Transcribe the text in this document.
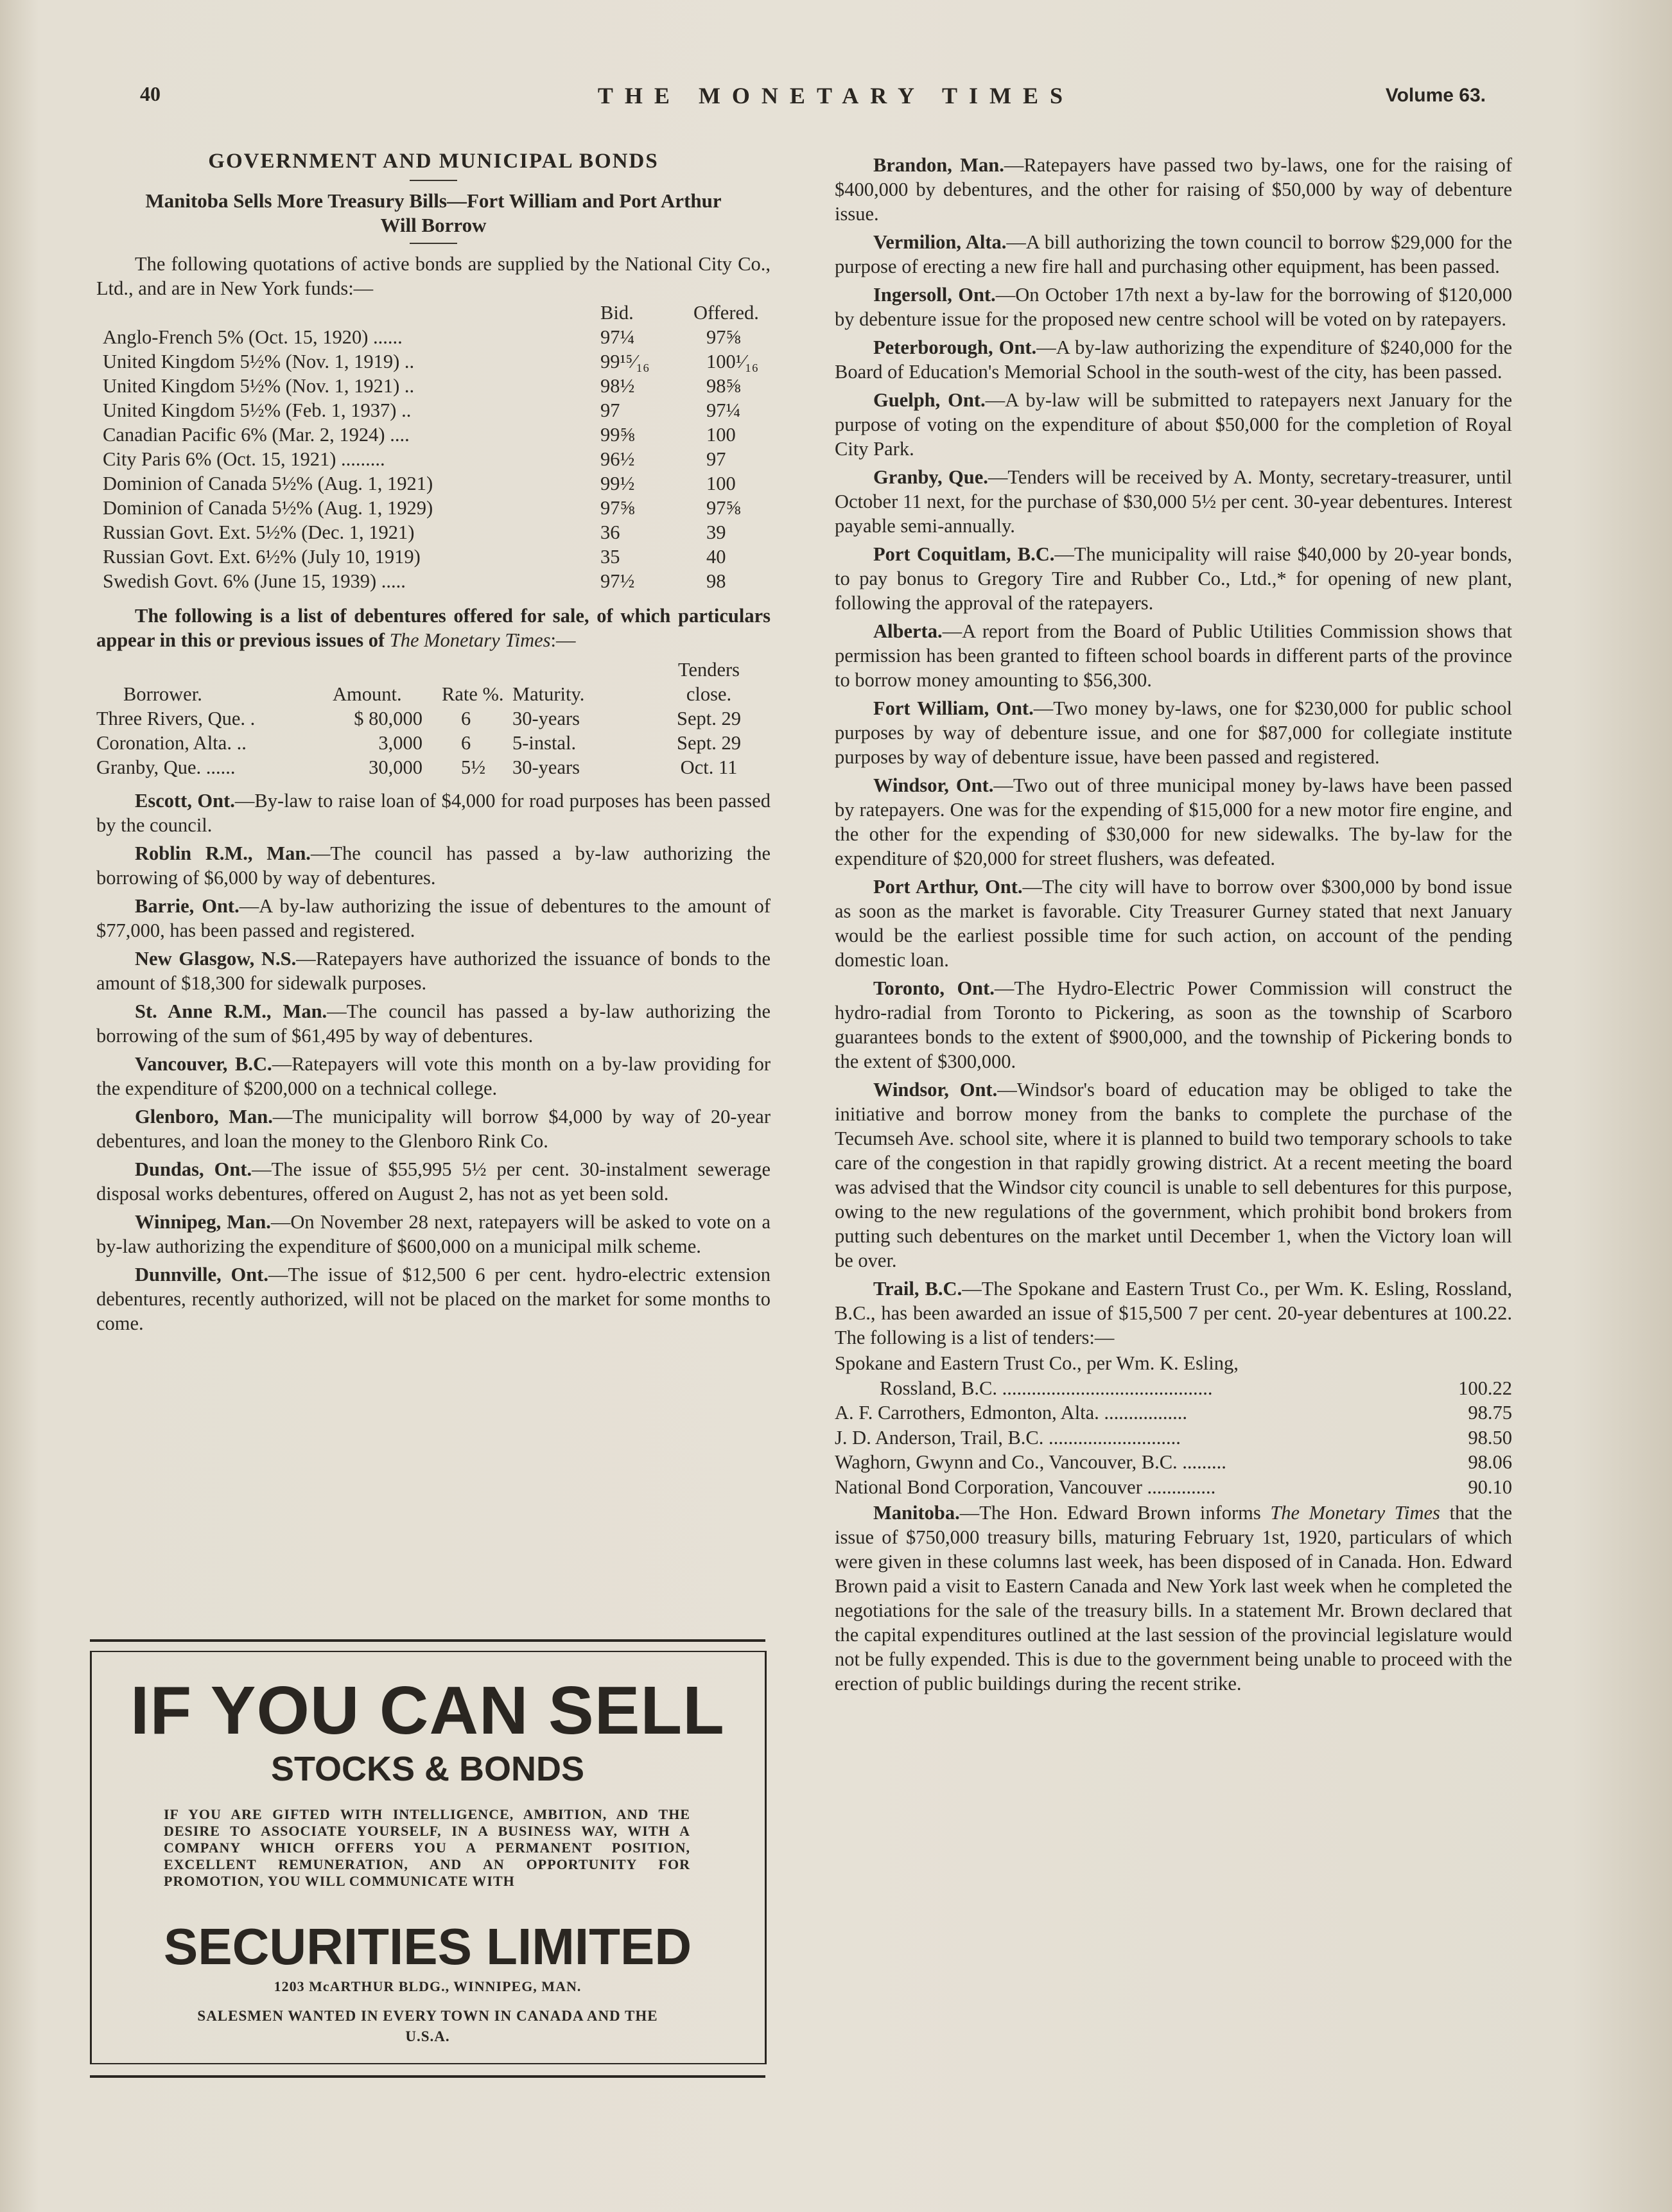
40	THE MONETARY TIMES	Volume 63.
GOVERNMENT AND MUNICIPAL BONDS
Manitoba Sells More Treasury Bills—Fort William and Port Arthur Will Borrow

The following quotations of active bonds are supplied by the National City Co., Ltd., and are in New York funds:—

	Bid.	Offered.
Anglo-French 5% (Oct. 15, 1920) ......	97¼	97⅝
United Kingdom 5½% (Nov. 1, 1919) ..	99¹⁵⁄₁₆	100¹⁄₁₆
United Kingdom 5½% (Nov. 1, 1921) ..	98½	98⅝
United Kingdom 5½% (Feb. 1, 1937) ..	97	97¼
Canadian Pacific 6% (Mar. 2, 1924) ....	99⅝	100
City Paris 6% (Oct. 15, 1921) .........	96½	97
Dominion of Canada 5½% (Aug. 1, 1921)	99½	100
Dominion of Canada 5½% (Aug. 1, 1929)	97⅝	97⅝
Russian Govt. Ext. 5½% (Dec. 1, 1921)	36	39
Russian Govt. Ext. 6½% (July 10, 1919)	35	40
Swedish Govt. 6% (June 15, 1939) .....	97½	98

The following is a list of debentures offered for sale, of which particulars appear in this or previous issues of The Monetary Times:—

				Tenders
Borrower.	Amount.	Rate %.	Maturity.	close.
Three Rivers, Que. .	$ 80,000	6	30-years	Sept. 29
Coronation, Alta. ..	3,000	6	5-instal.	Sept. 29
Granby, Que. ......	30,000	5½	30-years	Oct. 11

Escott, Ont.—By-law to raise loan of $4,000 for road purposes has been passed by the council.

Roblin R.M., Man.—The council has passed a by-law authorizing the borrowing of $6,000 by way of debentures.

Barrie, Ont.—A by-law authorizing the issue of debentures to the amount of $77,000, has been passed and registered.

New Glasgow, N.S.—Ratepayers have authorized the issuance of bonds to the amount of $18,300 for sidewalk purposes.

St. Anne R.M., Man.—The council has passed a by-law authorizing the borrowing of the sum of $61,495 by way of debentures.

Vancouver, B.C.—Ratepayers will vote this month on a by-law providing for the expenditure of $200,000 on a technical college.

Glenboro, Man.—The municipality will borrow $4,000 by way of 20-year debentures, and loan the money to the Glenboro Rink Co.

Dundas, Ont.—The issue of $55,995 5½ per cent. 30-instalment sewerage disposal works debentures, offered on August 2, has not as yet been sold.

Winnipeg, Man.—On November 28 next, ratepayers will be asked to vote on a by-law authorizing the expenditure of $600,000 on a municipal milk scheme.

Dunnville, Ont.—The issue of $12,500 6 per cent. hydro-electric extension debentures, recently authorized, will not be placed on the market for some months to come.

IF YOU CAN SELL
STOCKS & BONDS
IF YOU ARE GIFTED WITH INTELLIGENCE, AMBITION, AND THE DESIRE TO ASSOCIATE YOURSELF, IN A BUSINESS WAY, WITH A COMPANY WHICH OFFERS YOU A PERMANENT POSITION, EXCELLENT REMUNERATION, AND AN OPPORTUNITY FOR PROMOTION, YOU WILL COMMUNICATE WITH
SECURITIES LIMITED
1203 McARTHUR BLDG., WINNIPEG, MAN.
SALESMEN WANTED IN EVERY TOWN IN CANADA AND THE U.S.A.

Brandon, Man.—Ratepayers have passed two by-laws, one for the raising of $400,000 by debentures, and the other for raising of $50,000 by way of debenture issue.

Vermilion, Alta.—A bill authorizing the town council to borrow $29,000 for the purpose of erecting a new fire hall and purchasing other equipment, has been passed.

Ingersoll, Ont.—On October 17th next a by-law for the borrowing of $120,000 by debenture issue for the proposed new centre school will be voted on by ratepayers.

Peterborough, Ont.—A by-law authorizing the expenditure of $240,000 for the Board of Education's Memorial School in the south-west of the city, has been passed.

Guelph, Ont.—A by-law will be submitted to ratepayers next January for the purpose of voting on the expenditure of about $50,000 for the completion of Royal City Park.

Granby, Que.—Tenders will be received by A. Monty, secretary-treasurer, until October 11 next, for the purchase of $30,000 5½ per cent. 30-year debentures. Interest payable semi-annually.

Port Coquitlam, B.C.—The municipality will raise $40,000 by 20-year bonds, to pay bonus to Gregory Tire and Rubber Co., Ltd.,* for opening of new plant, following the approval of the ratepayers.

Alberta.—A report from the Board of Public Utilities Commission shows that permission has been granted to fifteen school boards in different parts of the province to borrow money amounting to $56,300.

Fort William, Ont.—Two money by-laws, one for $230,000 for public school purposes by way of debenture issue, and one for $87,000 for collegiate institute purposes by way of debenture issue, have been passed and registered.

Windsor, Ont.—Two out of three municipal money by-laws have been passed by ratepayers. One was for the expending of $15,000 for a new motor fire engine, and the other for the expending of $30,000 for new sidewalks. The by-law for the expenditure of $20,000 for street flushers, was defeated.

Port Arthur, Ont.—The city will have to borrow over $300,000 by bond issue as soon as the market is favorable. City Treasurer Gurney stated that next January would be the earliest possible time for such action, on account of the pending domestic loan.

Toronto, Ont.—The Hydro-Electric Power Commission will construct the hydro-radial from Toronto to Pickering, as soon as the township of Scarboro guarantees bonds to the extent of $900,000, and the township of Pickering bonds to the extent of $300,000.

Windsor, Ont.—Windsor's board of education may be obliged to take the initiative and borrow money from the banks to complete the purchase of the Tecumseh Ave. school site, where it is planned to build two temporary schools to take care of the congestion in that rapidly growing district. At a recent meeting the board was advised that the Windsor city council is unable to sell debentures for this purpose, owing to the new regulations of the government, which prohibit bond brokers from putting such debentures on the market until December 1, when the Victory loan will be over.

Trail, B.C.—The Spokane and Eastern Trust Co., per Wm. K. Esling, Rossland, B.C., has been awarded an issue of $15,500 7 per cent. 20-year debentures at 100.22. The following is a list of tenders:—

Spokane and Eastern Trust Co., per Wm. K. Esling,	
Rossland, B.C. ...........................................	100.22
A. F. Carrothers, Edmonton, Alta. .................	98.75
J. D. Anderson, Trail, B.C. ...........................	98.50
Waghorn, Gwynn and Co., Vancouver, B.C. .........	98.06
National Bond Corporation, Vancouver ..............	90.10

Manitoba.—The Hon. Edward Brown informs The Monetary Times that the issue of $750,000 treasury bills, maturing February 1st, 1920, particulars of which were given in these columns last week, has been disposed of in Canada. Hon. Edward Brown paid a visit to Eastern Canada and New York last week when he completed the negotiations for the sale of the treasury bills. In a statement Mr. Brown declared that the capital expenditures outlined at the last session of the provincial legislature would not be fully expended. This is due to the government being unable to proceed with the erection of public buildings during the recent strike.
